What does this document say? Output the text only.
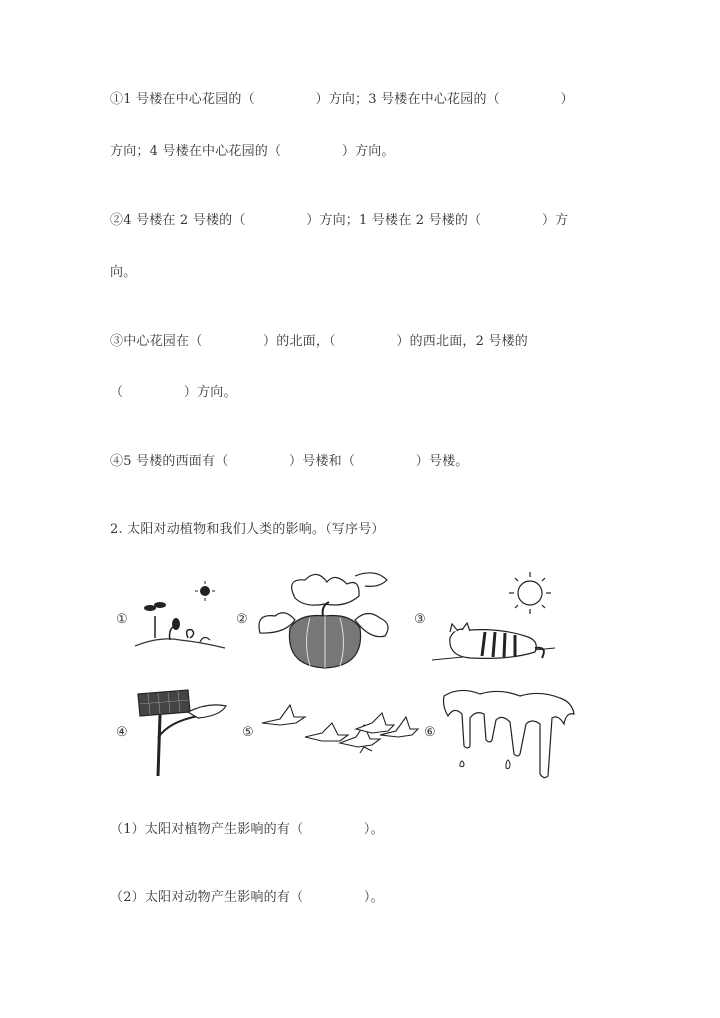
①1 号楼在中心花园的（              ）方向；3 号楼在中心花园的（              ）
方向；4 号楼在中心花园的（              ）方向。
②4 号楼在 2 号楼的（              ）方向；1 号楼在 2 号楼的（              ）方
向。
③中心花园在（              ）的北面，（              ）的西北面，2 号楼的
（              ）方向。
④5 号楼的西面有（              ）号楼和（              ）号楼。
2. 太阳对动植物和我们人类的影响。（写序号）
①	②	③
④	⑤	⑥
（1）太阳对植物产生影响的有（              ）。
（2）太阳对动物产生影响的有（              ）。
